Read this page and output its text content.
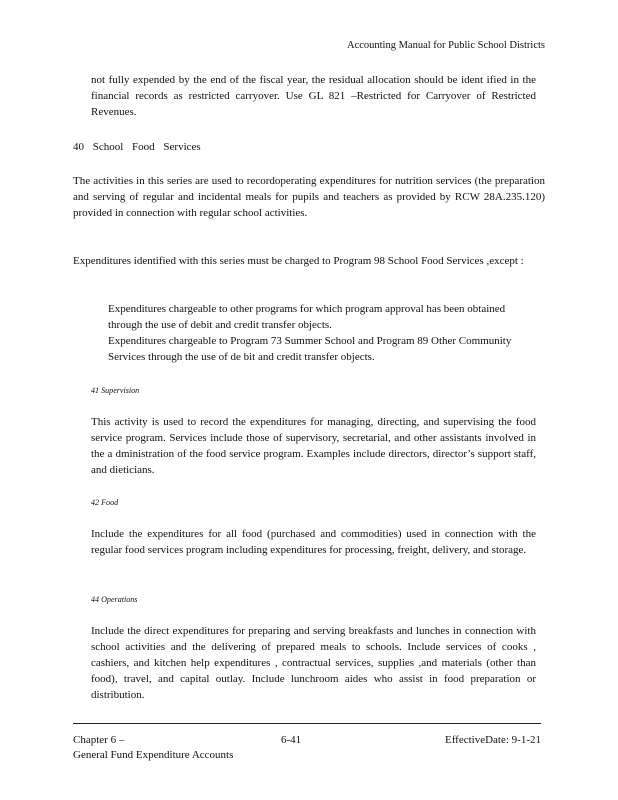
Accounting Manual for Public School Districts
not fully expended by the end of the fiscal year, the residual allocation should be ident ified in the financial records as restricted carryover. Use GL 821 –Restricted for Carryover of Restricted Revenues.
40 School Food Services
The activities in this series are used to recordoperating expenditures for nutrition services (the preparation and serving of regular and incidental meals for pupils and teachers as provided by RCW 28A.235.120) provided in connection with regular school activities.
Expenditures identified with this series must be charged to Program 98 School Food Services ,except :
Expenditures chargeable to other programs for which program approval has been obtained through the use of debit and credit transfer objects.
Expenditures chargeable to Program 73 Summer School and Program 89 Other Community Services through the use of de bit and credit transfer objects.
41 Supervision
This activity is used to record the expenditures for managing, directing, and supervising the food service program. Services include those of supervisory, secretarial, and other assistants involved in the a dministration of the food service program. Examples include directors, director’s support staff, and dieticians.
42 Food
Include the expenditures for all food (purchased and commodities) used in connection with the regular food services program including expenditures for processing, freight, delivery, and storage.
44 Operations
Include the direct expenditures for preparing and serving breakfasts and lunches in connection with school activities and the delivering of prepared meals to schools. Include services of cooks , cashiers, and kitchen help expenditures , contractual services, supplies ,and materials (other than food), travel, and capital outlay. Include lunchroom aides who assist in food preparation or distribution.
Chapter 6 –
General Fund Expenditure Accounts
6-41	EffectiveDate: 9-1-21
